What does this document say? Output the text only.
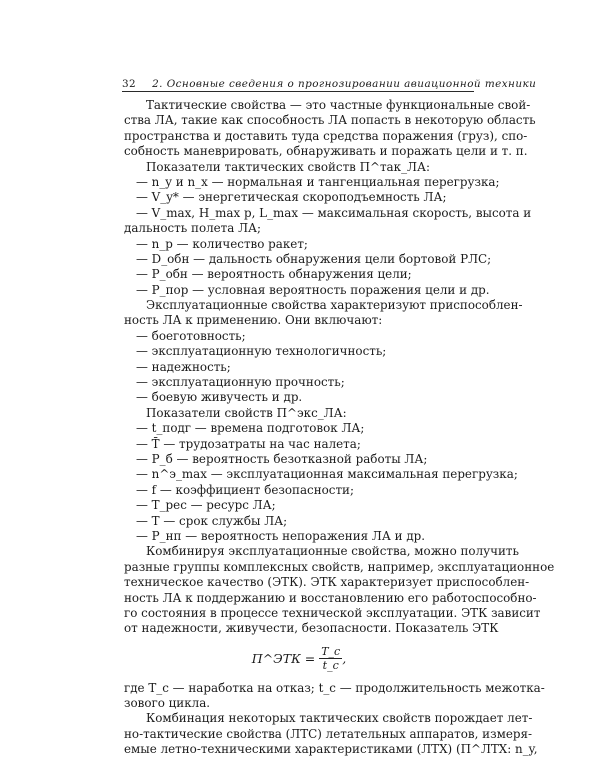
32 2. Основные сведения о прогнозировании авиационной техники
Тактические свойства — это частные функциональные свой-
ства ЛА, такие как способность ЛА попасть в некоторую область
пространства и доставить туда средства поражения (груз), спо-
собность маневрировать, обнаруживать и поражать цели и т. п.
Показатели тактических свойств П^так_ЛА:
— n_y и n_x — нормальная и тангенциальная перегрузка;
— V_y* — энергетическая скороподъемность ЛА;
— V_max, H_max p, L_max — максимальная скорость, высота и
дальность полета ЛА;
— n_p — количество ракет;
— D_обн — дальность обнаружения цели бортовой РЛС;
— P_обн — вероятность обнаружения цели;
— P_пор — условная вероятность поражения цели и др.
Эксплуатационные свойства характеризуют приспособлен-
ность ЛА к применению. Они включают:
— боеготовность;
— эксплуатационную технологичность;
— надежность;
— эксплуатационную прочность;
— боевую живучесть и др.
Показатели свойств П^экс_ЛА:
— t_подг — времена подготовок ЛА;
— T̄ — трудозатраты на час налета;
— P_б — вероятность безотказной работы ЛА;
— n^э_max — эксплуатационная максимальная перегрузка;
— f — коэффициент безопасности;
— T_рес — ресурс ЛА;
— T — срок службы ЛА;
— P_нп — вероятность непоражения ЛА и др.
Комбинируя эксплуатационные свойства, можно получить
разные группы комплексных свойств, например, эксплуатационное
техническое качество (ЭТК). ЭТК характеризует приспособлен-
ность ЛА к поддержанию и восстановлению его работоспособно-
го состояния в процессе технической эксплуатации. ЭТК зависит
от надежности, живучести, безопасности. Показатель ЭТК
П^ЭТК = $\frac{T\_c}{t\_c}$ ,
где T_c — наработка на отказ; t_c — продолжительность межотка-
зового цикла.
Комбинация некоторых тактических свойств порождает лет-
но-тактические свойства (ЛТС) летательных аппаратов, измеря-
емые летно-техническими характеристиками (ЛТХ) (П^ЛТХ: n_y,
